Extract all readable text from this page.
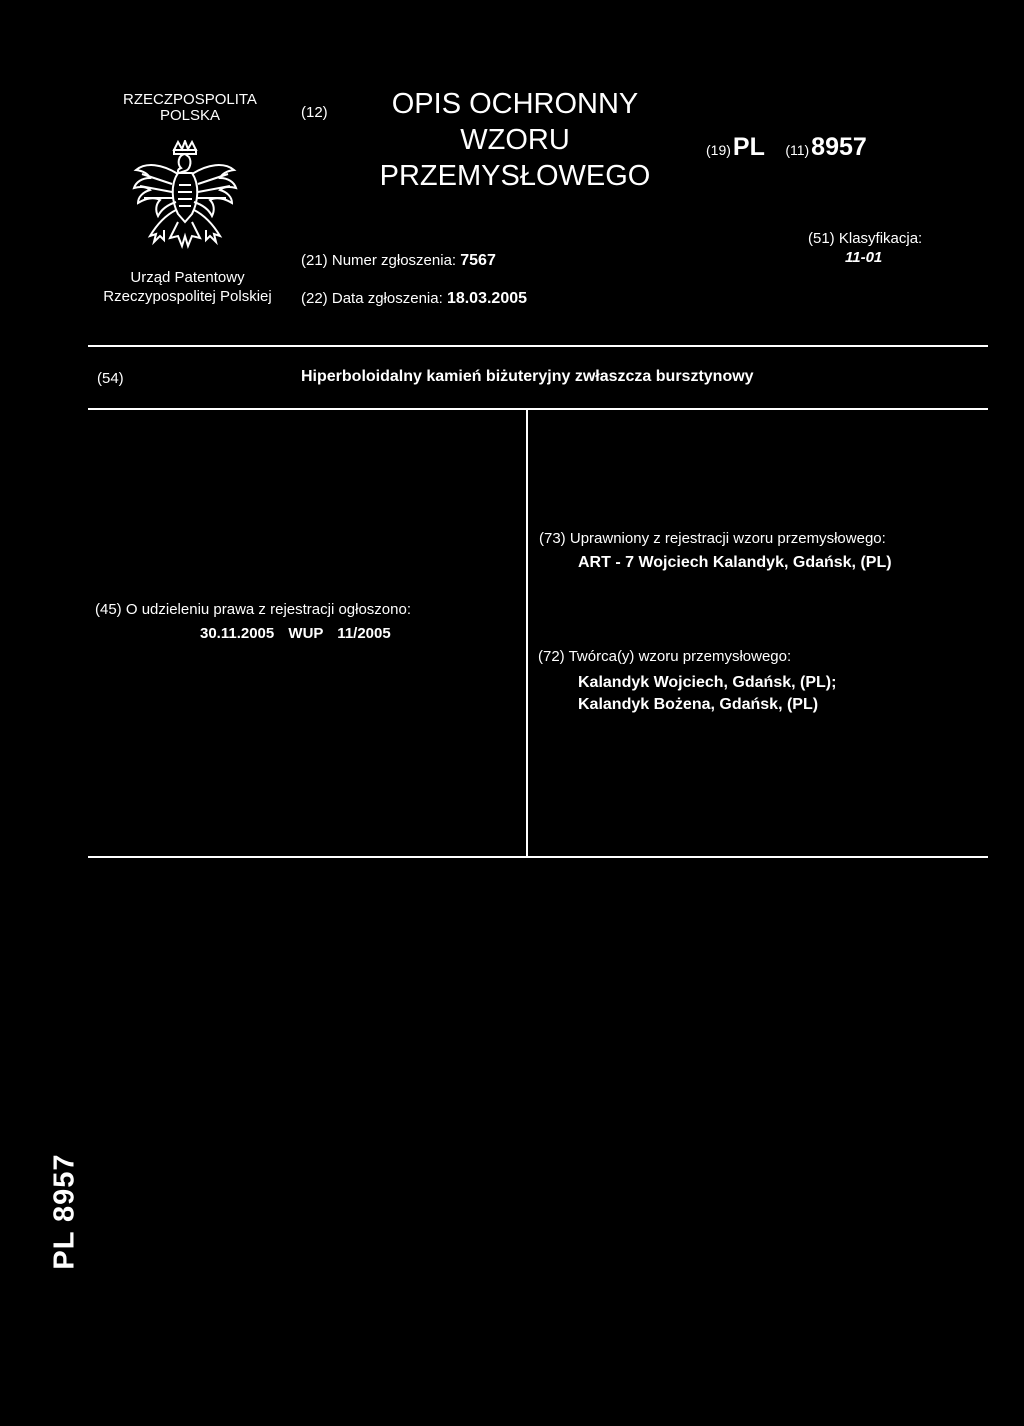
RZECZPOSPOLITA
POLSKA
Urząd Patentowy
Rzeczypospolitej Polskiej
(12)	OPIS OCHRONNY
WZORU
PRZEMYSŁOWEGO
(19)PL (11)8957
(51) Klasyfikacja:
11-01
(21) Numer zgłoszenia: 7567
(22) Data zgłoszenia: 18.03.2005
(54)	Hiperboloidalny kamień biżuteryjny zwłaszcza bursztynowy
(45) O udzieleniu prawa z rejestracji ogłoszono:
30.11.2005 WUP 11/2005
(73) Uprawniony z rejestracji wzoru przemysłowego:
ART - 7 Wojciech Kalandyk, Gdańsk, (PL)
(72) Twórca(y) wzoru przemysłowego:
Kalandyk Wojciech, Gdańsk, (PL);
Kalandyk Bożena, Gdańsk, (PL)
PL 8957
